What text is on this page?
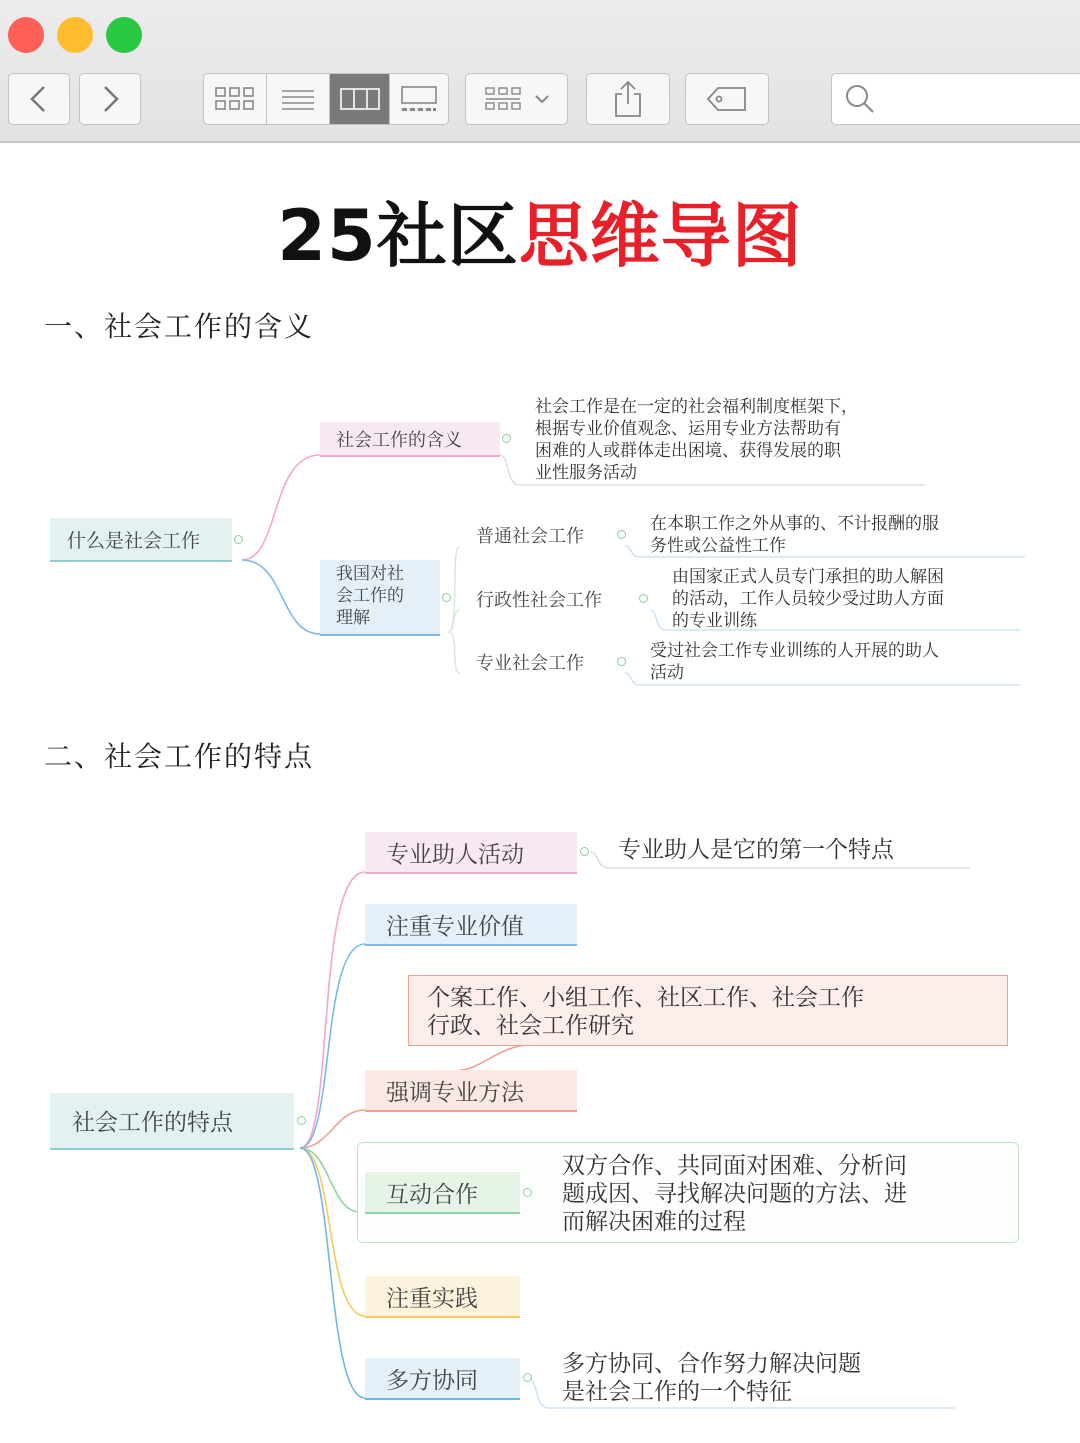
25社区思维导图
一、社会工作的含义
什么是社会工作
社会工作的含义
社会工作是在一定的社会福利制度框架下，
根据专业价值观念、运用专业方法帮助有
困难的人或群体走出困境、获得发展的职
业性服务活动
我国对社
会工作的
理解
普通社会工作
在本职工作之外从事的、不计报酬的服
务性或公益性工作
行政性社会工作
由国家正式人员专门承担的助人解困
的活动，工作人员较少受过助人方面
的专业训练
专业社会工作
受过社会工作专业训练的人开展的助人
活动
二、社会工作的特点
社会工作的特点
专业助人活动	专业助人是它的第一个特点
注重专业价值
个案工作、小组工作、社区工作、社会工作
行政、社会工作研究
强调专业方法
互动合作
双方合作、共同面对困难、分析问
题成因、寻找解决问题的方法、进
而解决困难的过程
注重实践
多方协同
多方协同、合作努力解决问题
是社会工作的一个特征
